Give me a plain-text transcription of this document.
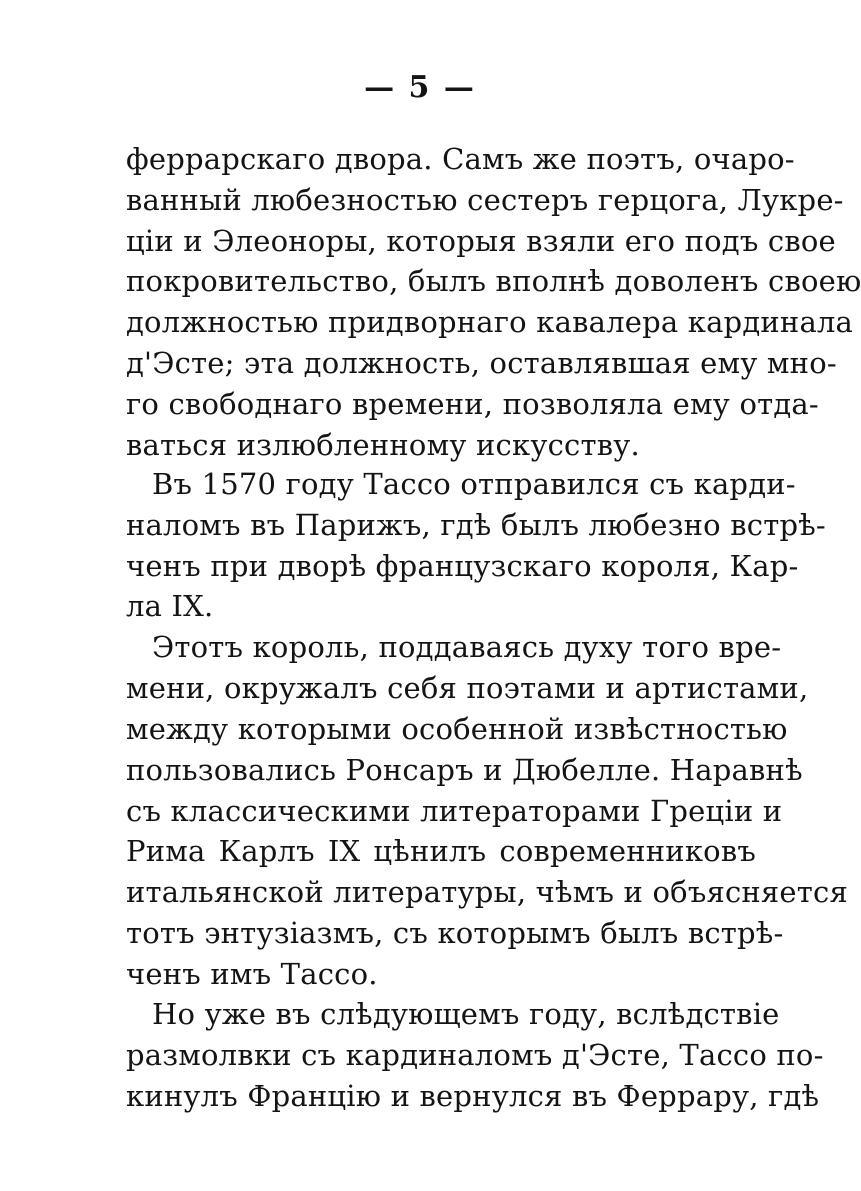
— 5 —
феррарскаго двора. Самъ же поэтъ, очаро-
ванный любезностью сестеръ герцога, Лукре-
ціи и Элеоноры, которыя взяли его подъ свое
покровительство, былъ вполнѣ доволенъ своею
должностью придворнаго кавалера кардинала
д'Эсте; эта должность, оставлявшая ему мно-
го свободнаго времени, позволяла ему отда-
ваться излюбленному искусству.
Въ 1570 году Тассо отправился съ карди-
наломъ въ Парижъ, гдѣ былъ любезно встрѣ-
ченъ при дворѣ французскаго короля, Кар-
ла IX.
Этотъ король, поддаваясь духу того вре-
мени, окружалъ себя поэтами и артистами,
между которыми особенной извѣстностью
пользовались Ронсаръ и Дюбелле. Наравнѣ
съ классическими литераторами Греціи и
Рима Карлъ IX цѣнилъ современниковъ
итальянской литературы, чѣмъ и объясняется
тотъ энтузіазмъ, съ которымъ былъ встрѣ-
ченъ имъ Тассо.
Но уже въ слѣдующемъ году, вслѣдствіе
размолвки съ кардиналомъ д'Эсте, Тассо по-
кинулъ Францію и вернулся въ Феррару, гдѣ
